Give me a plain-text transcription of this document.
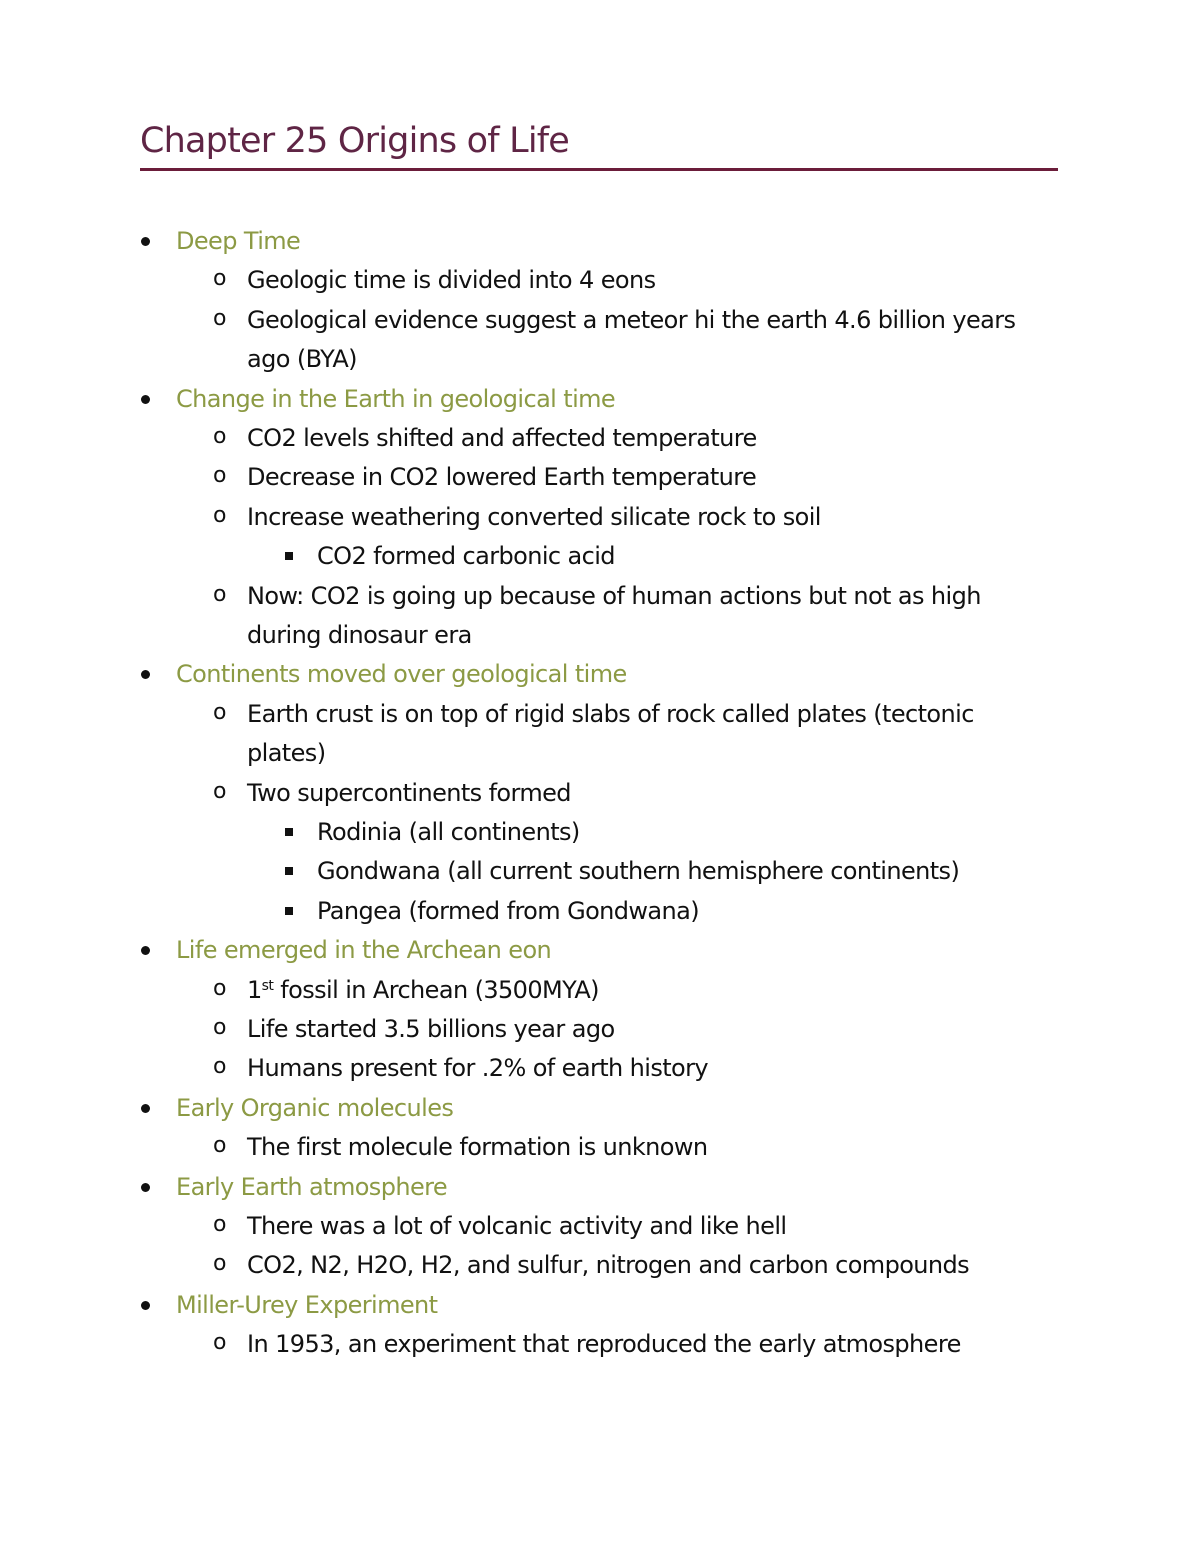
Chapter 25 Origins of Life
Deep Time
o Geologic time is divided into 4 eons
o Geological evidence suggest a meteor hi the earth 4.6 billion years
ago (BYA)
Change in the Earth in geological time
o CO2 levels shifted and affected temperature
o Decrease in CO2 lowered Earth temperature
o Increase weathering converted silicate rock to soil
CO2 formed carbonic acid
o Now: CO2 is going up because of human actions but not as high
during dinosaur era
Continents moved over geological time
o Earth crust is on top of rigid slabs of rock called plates (tectonic
plates)
o Two supercontinents formed
Rodinia (all continents)
Gondwana (all current southern hemisphere continents)
Pangea (formed from Gondwana)
Life emerged in the Archean eon
o 1st fossil in Archean (3500MYA)
o Life started 3.5 billions year ago
o Humans present for .2% of earth history
Early Organic molecules
o The first molecule formation is unknown
Early Earth atmosphere
o There was a lot of volcanic activity and like hell
o CO2, N2, H2O, H2, and sulfur, nitrogen and carbon compounds
Miller-Urey Experiment
o In 1953, an experiment that reproduced the early atmosphere
